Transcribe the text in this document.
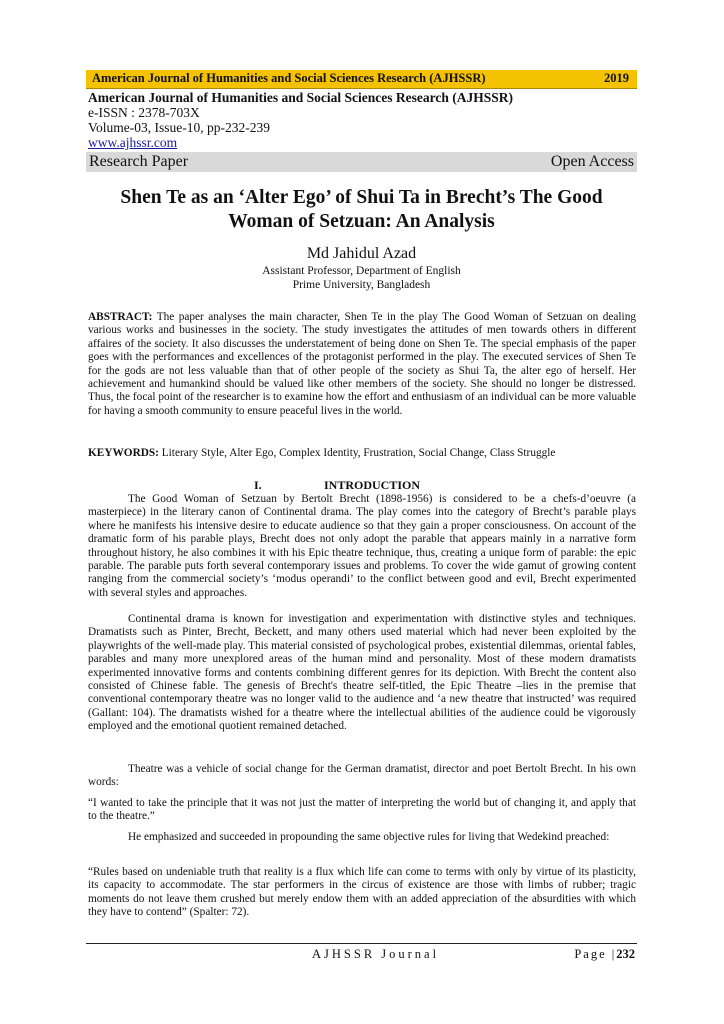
American Journal of Humanities and Social Sciences Research (AJHSSR)	2019
American Journal of Humanities and Social Sciences Research (AJHSSR)
e-ISSN : 2378-703X
Volume-03, Issue-10, pp-232-239
www.ajhssr.com
Research Paper	Open Access
Shen Te as an ‘Alter Ego’ of Shui Ta in Brecht’s The Good
Woman of Setzuan: An Analysis
Md Jahidul Azad
Assistant Professor, Department of English
Prime University, Bangladesh
ABSTRACT: The paper analyses the main character, Shen Te in the play The Good Woman of Setzuan on dealing various works and businesses in the society. The study investigates the attitudes of men towards others in different affaires of the society. It also discusses the understatement of being done on Shen Te. The special emphasis of the paper goes with the performances and excellences of the protagonist performed in the play. The executed services of Shen Te for the gods are not less valuable than that of other people of the society as Shui Ta, the alter ego of herself. Her achievement and humankind should be valued like other members of the society. She should no longer be distressed. Thus, the focal point of the researcher is to examine how the effort and enthusiasm of an individual can be more valuable for having a smooth community to ensure peaceful lives in the world.
KEYWORDS: Literary Style, Alter Ego, Complex Identity, Frustration, Social Change, Class Struggle
I.	INTRODUCTION

The Good Woman of Setzuan by Bertolt Brecht (1898-1956) is considered to be a chefs-d’oeuvre (a masterpiece) in the literary canon of Continental drama. The play comes into the category of Brecht’s parable plays where he manifests his intensive desire to educate audience so that they gain a proper consciousness. On account of the dramatic form of his parable plays, Brecht does not only adopt the parable that appears mainly in a narrative form throughout history, he also combines it with his Epic theatre technique, thus, creating a unique form of parable: the epic parable. The parable puts forth several contemporary issues and problems. To cover the wide gamut of growing content ranging from the commercial society’s ‘modus operandi’ to the conflict between good and evil, Brecht experimented with several styles and approaches.

Continental drama is known for investigation and experimentation with distinctive styles and techniques. Dramatists such as Pinter, Brecht, Beckett, and many others used material which had never been exploited by the playwrights of the well-made play. This material consisted of psychological probes, existential dilemmas, oriental fables, parables and many more unexplored areas of the human mind and personality. Most of these modern dramatists experimented innovative forms and contents combining different genres for its depiction. With Brecht the content also consisted of Chinese fable. The genesis of Brecht's theatre self-titled, the Epic Theatre –lies in the premise that conventional contemporary theatre was no longer valid to the audience and ‘a new theatre that instructed’ was required (Gallant: 104). The dramatists wished for a theatre where the intellectual abilities of the audience could be vigorously employed and the emotional quotient remained detached.

Theatre was a vehicle of social change for the German dramatist, director and poet Bertolt Brecht. In his own words:

“I wanted to take the principle that it was not just the matter of interpreting the world but of changing it, and apply that to the theatre.”

He emphasized and succeeded in propounding the same objective rules for living that Wedekind preached:

“Rules based on undeniable truth that reality is a flux which life can come to terms with only by virtue of its plasticity, its capacity to accommodate. The star performers in the circus of existence are those with limbs of rubber; tragic moments do not leave them crushed but merely endow them with an added appreciation of the absurdities with which they have to contend” (Spalter: 72).

AJHSSR Journal	Page |232
